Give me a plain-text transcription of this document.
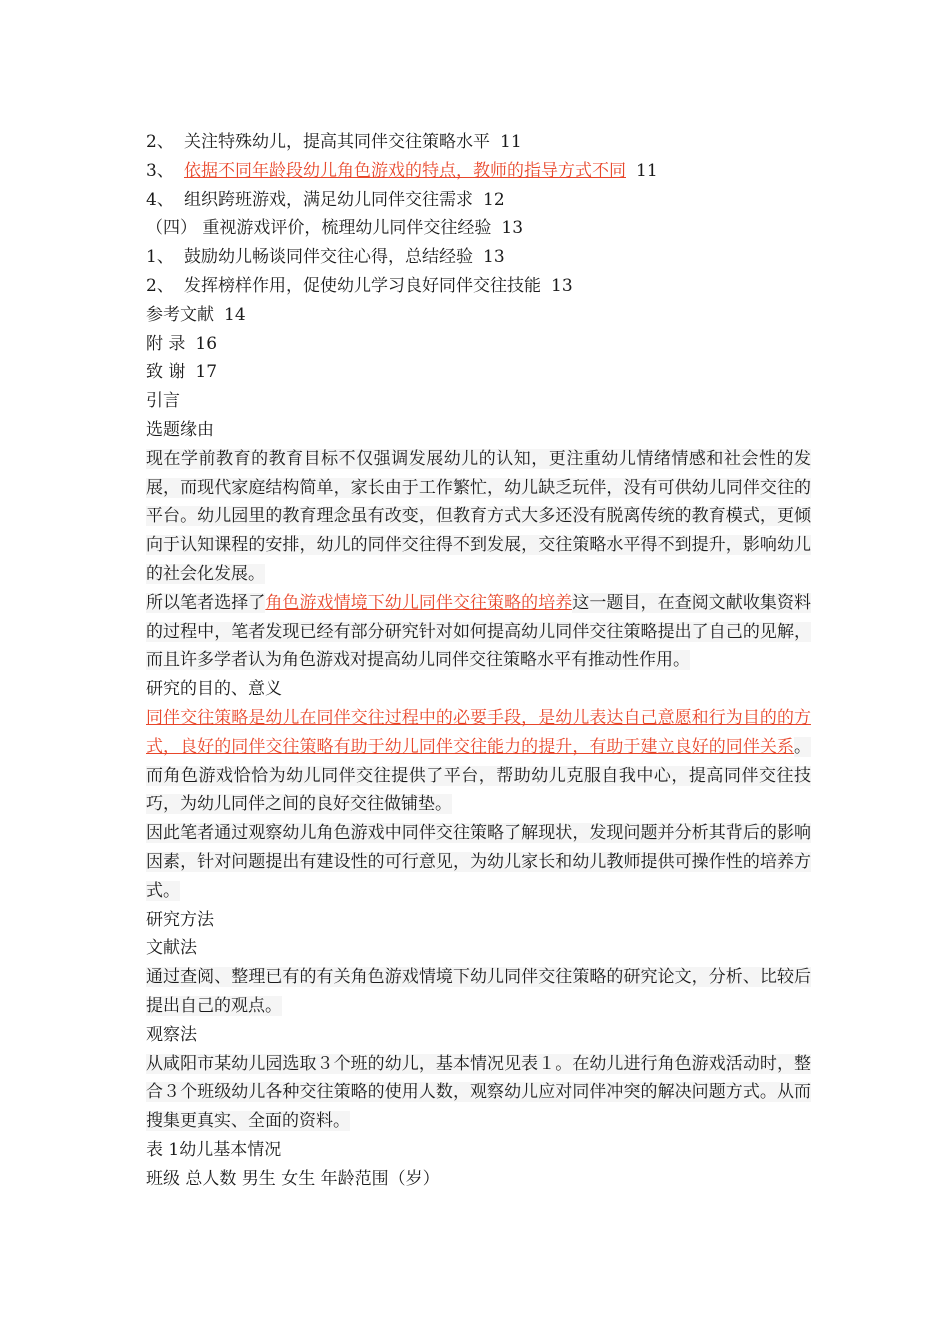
2、 关注特殊幼儿，提高其同伴交往策略水平 11
3、 依据不同年龄段幼儿角色游戏的特点，教师的指导方式不同 11
4、 组织跨班游戏，满足幼儿同伴交往需求 12
（四） 重视游戏评价，梳理幼儿同伴交往经验 13
1、 鼓励幼儿畅谈同伴交往心得，总结经验 13
2、 发挥榜样作用，促使幼儿学习良好同伴交往技能 13
参考文献 14
附 录 16
致 谢 17
引言
选题缘由
现在学前教育的教育目标不仅强调发展幼儿的认知，更注重幼儿情绪情感和社会性的发展，而现代家庭结构简单，家长由于工作繁忙，幼儿缺乏玩伴，没有可供幼儿同伴交往的平台。幼儿园里的教育理念虽有改变，但教育方式大多还没有脱离传统的教育模式，更倾向于认知课程的安排，幼儿的同伴交往得不到发展，交往策略水平得不到提升，影响幼儿的社会化发展。
所以笔者选择了角色游戏情境下幼儿同伴交往策略的培养这一题目，在查阅文献收集资料的过程中，笔者发现已经有部分研究针对如何提高幼儿同伴交往策略提出了自己的见解，而且许多学者认为角色游戏对提高幼儿同伴交往策略水平有推动性作用。
研究的目的、意义
同伴交往策略是幼儿在同伴交往过程中的必要手段，是幼儿表达自己意愿和行为目的的方式，良好的同伴交往策略有助于幼儿同伴交往能力的提升，有助于建立良好的同伴关系。而角色游戏恰恰为幼儿同伴交往提供了平台，帮助幼儿克服自我中心，提高同伴交往技巧，为幼儿同伴之间的良好交往做铺垫。
因此笔者通过观察幼儿角色游戏中同伴交往策略了解现状，发现问题并分析其背后的影响因素，针对问题提出有建设性的可行意见，为幼儿家长和幼儿教师提供可操作性的培养方式。
研究方法
文献法
通过查阅、整理已有的有关角色游戏情境下幼儿同伴交往策略的研究论文，分析、比较后提出自己的观点。
观察法
从咸阳市某幼儿园选取３个班的幼儿，基本情况见表１。在幼儿进行角色游戏活动时，整合３个班级幼儿各种交往策略的使用人数，观察幼儿应对同伴冲突的解决问题方式。从而搜集更真实、全面的资料。
表 1幼儿基本情况
班级 总人数 男生 女生 年龄范围（岁）
